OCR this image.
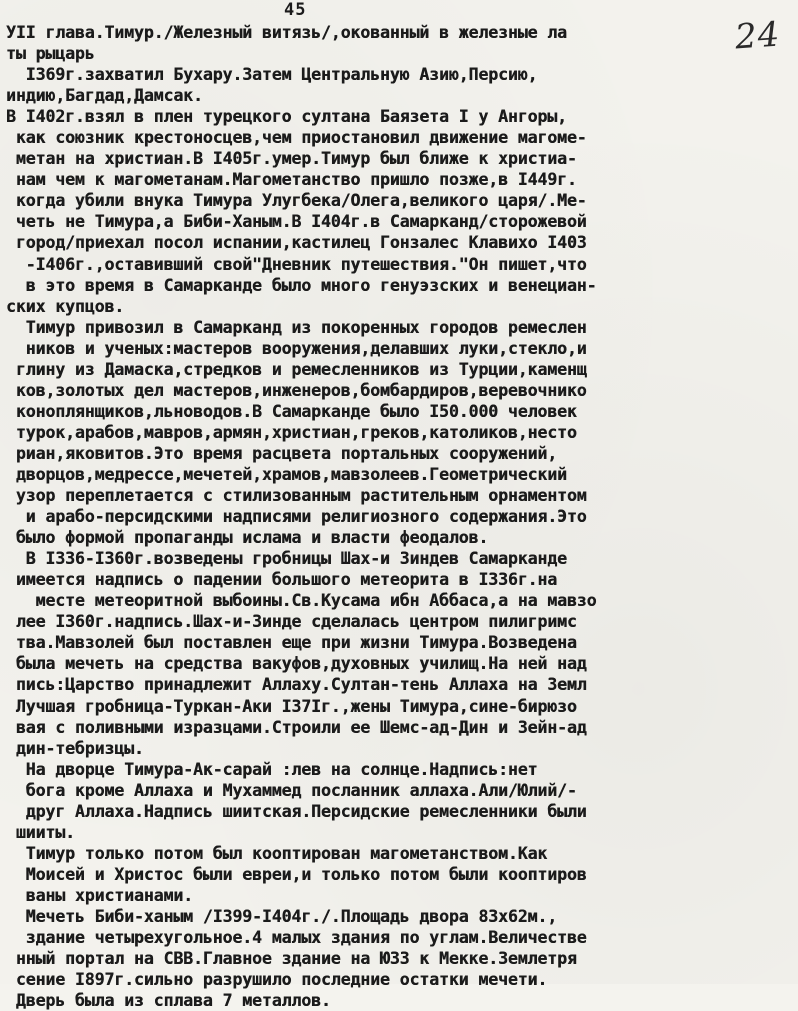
45
24
УII глава.Тимур./Железный витязь/,окованный в железные ла
ты рыцарь
I369г.захватил Бухару.Затем Центральную Азию,Персию,
индию,Багдад,Дамсак.
В I402г.взял в плен турецкого султана Баязета I у Ангоры,
как союзник крестоносцев,чем приостановил движение магоме-
метан на христиан.В I405г.умер.Тимур был ближе к христиа-
нам чем к магометанам.Магометанство пришло позже,в I449г.
когда убили внука Тимура Улугбека/Олега,великого царя/.Ме-
четь не Тимура,а Биби-Ханым.В I404г.в Самарканд/сторожевой
город/приехал посол испании,кастилец Гонзалес Клавихо I403
-I406г.,оставивший свой"Дневник путешествия."Он пишет,что
в это время в Самарканде было много генуэзских и венециан-
ских купцов.
Тимур привозил в Самарканд из покоренных городов ремеслен
ников и ученых:мастеров вооружения,делавших луки,стекло,и
глину из Дамаска,стредков и ремесленников из Турции,каменщ
ков,золотых дел мастеров,инженеров,бомбардиров,веревочнико
коноплянщиков,льноводов.В Самарканде было I50.000 человек
турок,арабов,мавров,армян,христиан,греков,католиков,несто
риан,яковитов.Это время расцвета портальных сооружений,
дворцов,медрессе,мечетей,храмов,мавзолеев.Геометрический
узор переплетается с стилизованным растительным орнаментом
и арабо-персидскими надписями религиозного содержания.Это
было формой пропаганды ислама и власти феодалов.
В I336-I360г.возведены гробницы Шах-и Зиндев Самарканде
имеется надпись о падении большого метеорита в I336г.на
месте метеоритной выбоины.Св.Кусама ибн Аббаса,а на мавзо
лее I360г.надпись.Шах-и-Зинде сделалась центром пилигримс
тва.Мавзолей был поставлен еще при жизни Тимура.Возведена
была мечеть на средства вакуфов,духовных училищ.На ней над
пись:Царство принадлежит Аллаху.Султан-тень Аллаха на Земл
Лучшая гробница-Туркан-Аки I37Iг.,жены Тимура,сине-бирюзо
вая с поливными изразцами.Строили ее Шемс-ад-Дин и Зейн-ад
дин-тебризцы.
На дворце Тимура-Ак-сарай :лев на солнце.Надпись:нет
бога кроме Аллаха и Мухаммед посланник аллаха.Али/Юлий/-
друг Аллаха.Надпись шиитская.Персидские ремесленники были
шииты.
Тимур только потом был кооптирован магометанством.Как
Моисей и Христос были евреи,и только потом были кооптиров
ваны христианами.
Мечеть Биби-ханым /I399-I404г./.Площадь двора 83х62м.,
здание четырехугольное.4 малых здания по углам.Величестве
нный портал на СВВ.Главное здание на ЮЗЗ к Мекке.Землетря
сение I897г.сильно разрушило последние остатки мечети.
Дверь была из сплава 7 металлов.
